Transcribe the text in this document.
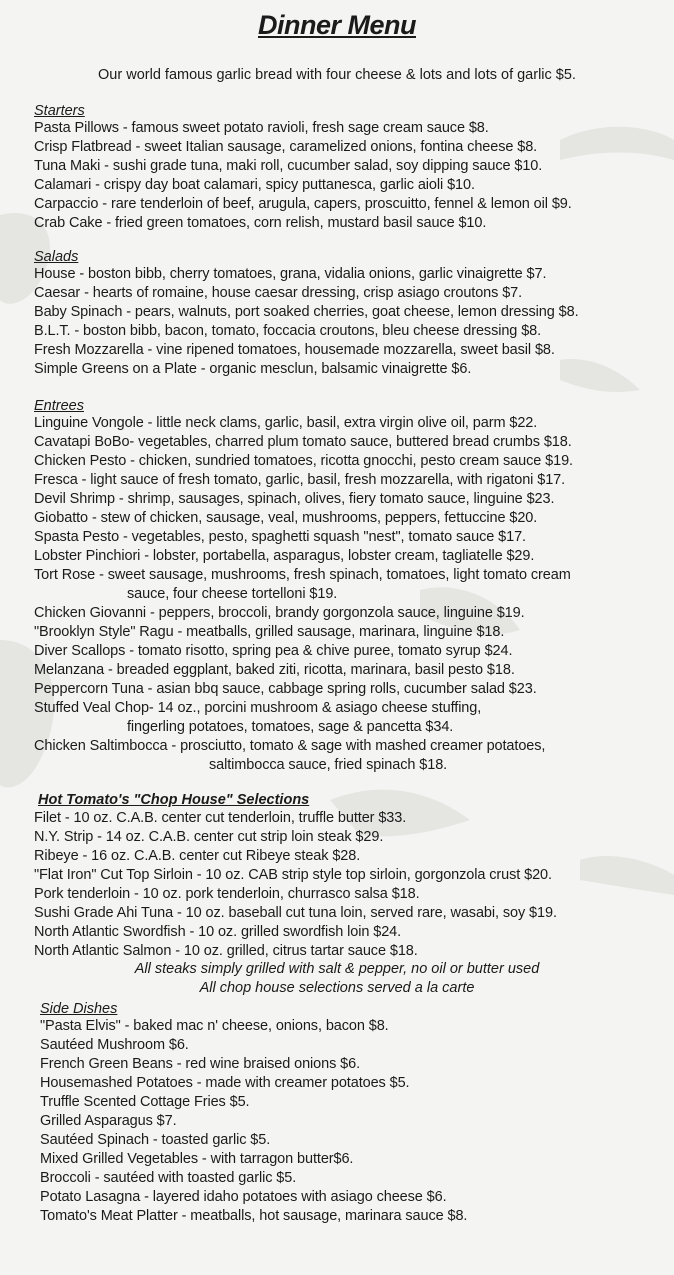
Dinner Menu
Our world famous garlic bread with four cheese & lots and lots of garlic $5.
Starters
Pasta Pillows - famous sweet potato ravioli, fresh sage cream sauce $8.
Crisp Flatbread - sweet Italian sausage, caramelized onions, fontina cheese $8.
Tuna Maki - sushi grade tuna, maki roll, cucumber salad, soy dipping sauce $10.
Calamari - crispy day boat calamari, spicy puttanesca, garlic aioli $10.
Carpaccio - rare tenderloin of beef, arugula, capers, proscuitto, fennel & lemon oil $9.
Crab Cake - fried green tomatoes, corn relish, mustard basil sauce $10.
Salads
House - boston bibb, cherry tomatoes, grana, vidalia onions, garlic vinaigrette $7.
Caesar - hearts of romaine, house caesar dressing, crisp asiago croutons $7.
Baby Spinach - pears, walnuts, port soaked cherries, goat cheese, lemon dressing $8.
B.L.T. - boston bibb, bacon, tomato, foccacia croutons, bleu cheese dressing $8.
Fresh Mozzarella - vine ripened tomatoes, housemade mozzarella, sweet basil $8.
Simple Greens on a Plate - organic mesclun, balsamic vinaigrette $6.
Entrees
Linguine Vongole - little neck clams, garlic, basil, extra virgin olive oil, parm $22.
Cavatapi BoBo- vegetables, charred plum tomato sauce, buttered bread crumbs $18.
Chicken Pesto - chicken, sundried tomatoes, ricotta gnocchi, pesto cream sauce $19.
Fresca - light sauce of fresh tomato, garlic, basil, fresh mozzarella, with rigatoni $17.
Devil Shrimp - shrimp, sausages, spinach, olives, fiery tomato sauce, linguine $23.
Giobatto - stew of chicken, sausage, veal, mushrooms, peppers, fettuccine $20.
Spasta Pesto - vegetables, pesto, spaghetti squash "nest", tomato sauce $17.
Lobster Pinchiori - lobster, portabella, asparagus, lobster cream, tagliatelle $29.
Tort Rose - sweet sausage, mushrooms, fresh spinach, tomatoes, light tomato cream
sauce, four cheese tortelloni $19.
Chicken Giovanni - peppers, broccoli, brandy gorgonzola sauce, linguine $19.
"Brooklyn Style" Ragu - meatballs, grilled sausage, marinara, linguine $18.
Diver Scallops - tomato risotto, spring pea & chive puree, tomato syrup $24.
Melanzana - breaded eggplant, baked ziti, ricotta, marinara, basil pesto $18.
Peppercorn Tuna - asian bbq sauce, cabbage spring rolls, cucumber salad $23.
Stuffed Veal Chop- 14 oz., porcini mushroom & asiago cheese stuffing,
fingerling potatoes, tomatoes, sage & pancetta $34.
Chicken Saltimbocca - prosciutto, tomato & sage with mashed creamer potatoes,
saltimbocca sauce, fried spinach $18.
Hot Tomato's "Chop House" Selections
Filet - 10 oz. C.A.B. center cut tenderloin, truffle butter $33.
N.Y. Strip - 14 oz. C.A.B. center cut strip loin steak $29.
Ribeye - 16 oz. C.A.B. center cut Ribeye steak $28.
"Flat Iron" Cut Top Sirloin - 10 oz. CAB strip style top sirloin, gorgonzola crust $20.
Pork tenderloin - 10 oz. pork tenderloin, churrasco salsa $18.
Sushi Grade Ahi Tuna - 10 oz. baseball cut tuna loin, served rare, wasabi, soy $19.
North Atlantic Swordfish - 10 oz. grilled swordfish loin $24.
North Atlantic Salmon - 10 oz. grilled, citrus tartar sauce $18.
All steaks simply grilled with salt & pepper, no oil or butter used
All chop house selections served a la carte
Side Dishes
"Pasta Elvis" - baked mac n' cheese, onions, bacon $8.
Sautéed Mushroom $6.
French Green Beans - red wine braised onions $6.
Housemashed Potatoes - made with creamer potatoes $5.
Truffle Scented Cottage Fries $5.
Grilled Asparagus $7.
Sautéed Spinach - toasted garlic $5.
Mixed Grilled Vegetables - with tarragon butter$6.
Broccoli - sautéed with toasted garlic $5.
Potato Lasagna - layered idaho potatoes with asiago cheese $6.
Tomato's Meat Platter - meatballs, hot sausage, marinara sauce $8.
